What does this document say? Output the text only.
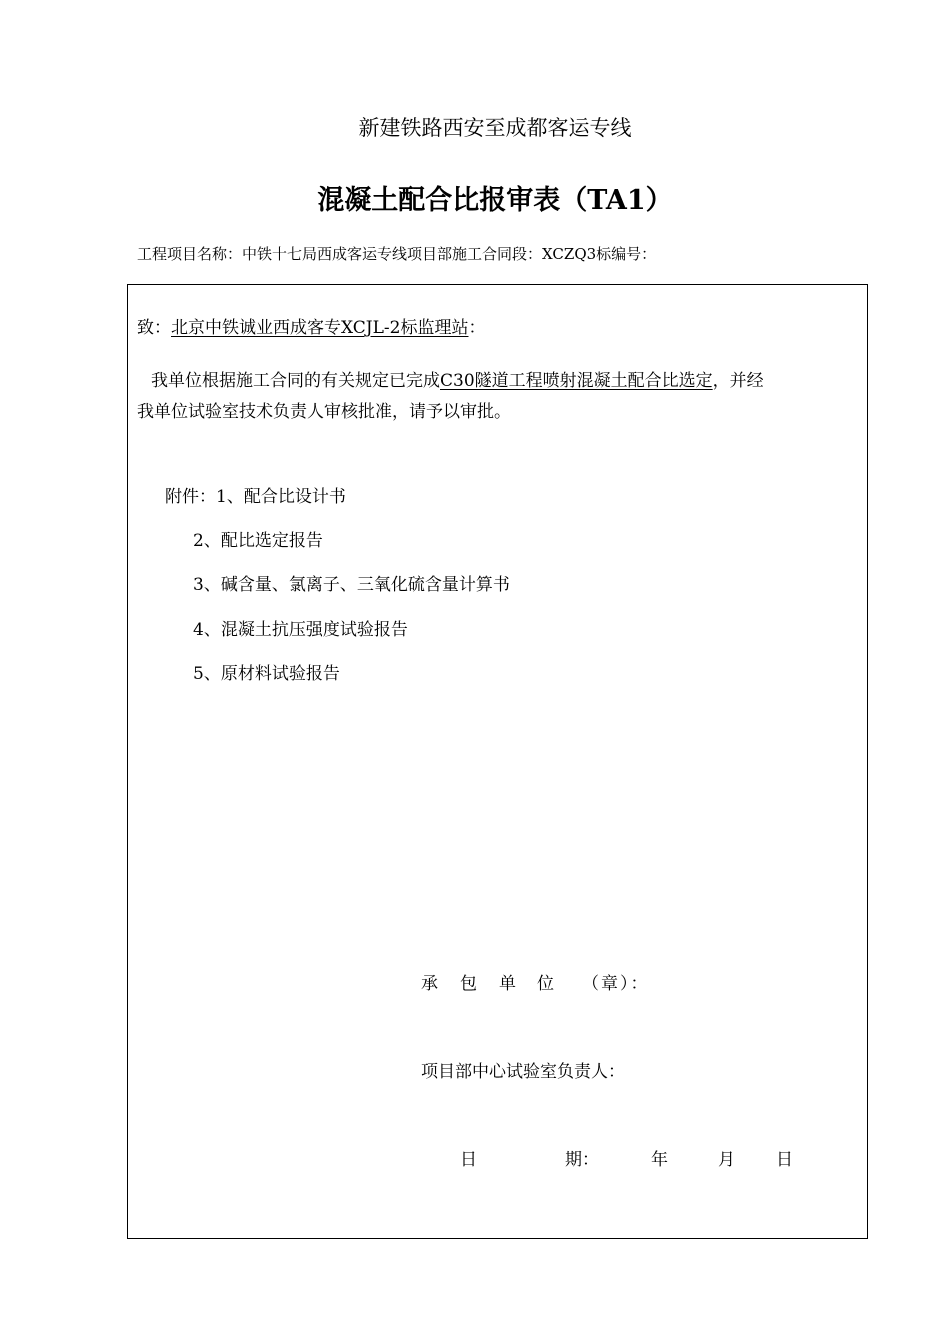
新建铁路西安至成都客运专线
混凝土配合比报审表（TA1）
工程项目名称：中铁十七局西成客运专线项目部施工合同段：XCZQ3标编号：
致：北京中铁诚业西成客专XCJL-2标监理站：
我单位根据施工合同的有关规定已完成C30隧道工程喷射混凝土配合比选定，并经
我单位试验室技术负责人审核批准，请予以审批。
附件：1、配合比设计书
2、配比选定报告
3、碱含量、氯离子、三氧化硫含量计算书
4、混凝土抗压强度试验报告
5、原材料试验报告
承 包 单 位 （章）：
项目部中心试验室负责人：
日	期：	年	月 日
